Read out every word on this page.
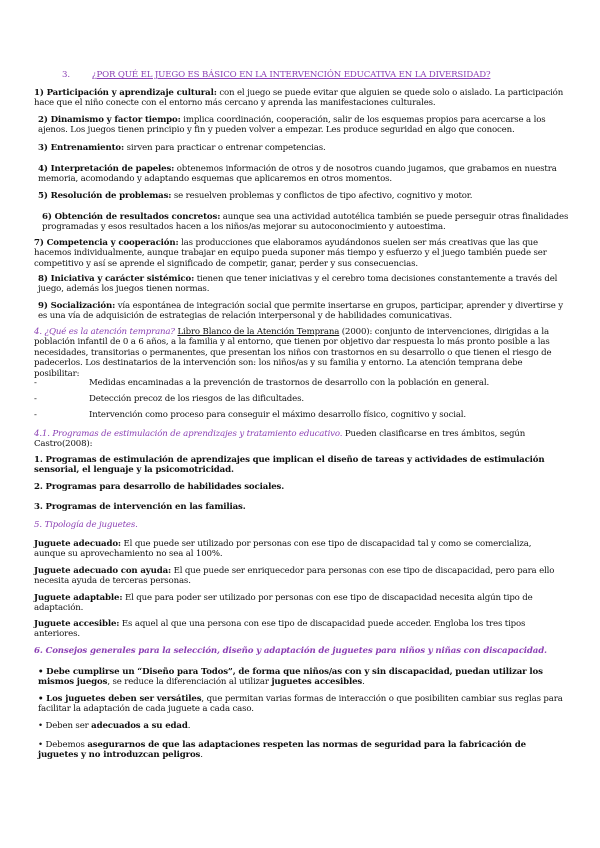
3.	¿POR QUÉ EL JUEGO ES BÁSICO EN LA INTERVENCIÓN EDUCATIVA EN LA DIVERSIDAD?
1) Participación y aprendizaje cultural: con el juego se puede evitar que alguien se quede solo o aislado. La participación hace que el niño conecte con el entorno más cercano y aprenda las manifestaciones culturales.
2) Dinamismo y factor tiempo: implica coordinación, cooperación, salir de los esquemas propios para acercarse a los ajenos. Los juegos tienen principio y fin y pueden volver a empezar. Les produce seguridad en algo que conocen.
3) Entrenamiento: sirven para practicar o entrenar competencias.
4) Interpretación de papeles: obtenemos información de otros y de nosotros cuando jugamos, que grabamos en nuestra memoria, acomodando y adaptando esquemas que aplicaremos en otros momentos.
5) Resolución de problemas: se resuelven problemas y conflictos de tipo afectivo, cognitivo y motor.
6) Obtención de resultados concretos: aunque sea una actividad autotélica también se puede perseguir otras finalidades programadas y esos resultados hacen a los niños/as mejorar su autoconocimiento y autoestima.
7) Competencia y cooperación: las producciones que elaboramos ayudándonos suelen ser más creativas que las que hacemos individualmente, aunque trabajar en equipo pueda suponer más tiempo y esfuerzo y el juego también puede ser competitivo y así se aprende el significado de competir, ganar, perder y sus consecuencias.
8) Iniciativa y carácter sistémico: tienen que tener iniciativas y el cerebro toma decisiones constantemente a través del juego, además los juegos tienen normas.
9) Socialización: vía espontánea de integración social que permite insertarse en grupos, participar, aprender y divertirse y es una vía de adquisición de estrategias de relación interpersonal y de habilidades comunicativas.
4. ¿Qué es la atención temprana? Libro Blanco de la Atención Temprana (2000): conjunto de intervenciones, dirigidas a la población infantil de 0 a 6 años, a la familia y al entorno, que tienen por objetivo dar respuesta lo más pronto posible a las necesidades, transitorias o permanentes, que presentan los niños con trastornos en su desarrollo o que tienen el riesgo de padecerlos. Los destinatarios de la intervención son: los niños/as y su familia y entorno. La atención temprana debe posibilitar:
-	Medidas encaminadas a la prevención de trastornos de desarrollo con la población en general.
-	Detección precoz de los riesgos de las dificultades.
-	Intervención como proceso para conseguir el máximo desarrollo físico, cognitivo y social.
4.1. Programas de estimulación de aprendizajes y tratamiento educativo. Pueden clasificarse en tres ámbitos, según Castro(2008):
1. Programas de estimulación de aprendizajes que implican el diseño de tareas y actividades de estimulación sensorial, el lenguaje y la psicomotricidad.
2. Programas para desarrollo de habilidades sociales.
3. Programas de intervención en las familias.
5. Tipología de juguetes.
Juguete adecuado: El que puede ser utilizado por personas con ese tipo de discapacidad tal y como se comercializa, aunque su aprovechamiento no sea al 100%.
Juguete adecuado con ayuda: El que puede ser enriquecedor para personas con ese tipo de discapacidad, pero para ello necesita ayuda de terceras personas.
Juguete adaptable: El que para poder ser utilizado por personas con ese tipo de discapacidad necesita algún tipo de adaptación.
Juguete accesible: Es aquel al que una persona con ese tipo de discapacidad puede acceder. Engloba los tres tipos anteriores.
6. Consejos generales para la selección, diseño y adaptación de juguetes para niños y niñas con discapacidad.
• Debe cumplirse un “Diseño para Todos”, de forma que niños/as con y sin discapacidad, puedan utilizar los mismos juegos, se reduce la diferenciación al utilizar juguetes accesibles.
• Los juguetes deben ser versátiles, que permitan varias formas de interacción o que posibiliten cambiar sus reglas para facilitar la adaptación de cada juguete a cada caso.
• Deben ser adecuados a su edad.
• Debemos asegurarnos de que las adaptaciones respeten las normas de seguridad para la fabricación de juguetes y no introduzcan peligros.
